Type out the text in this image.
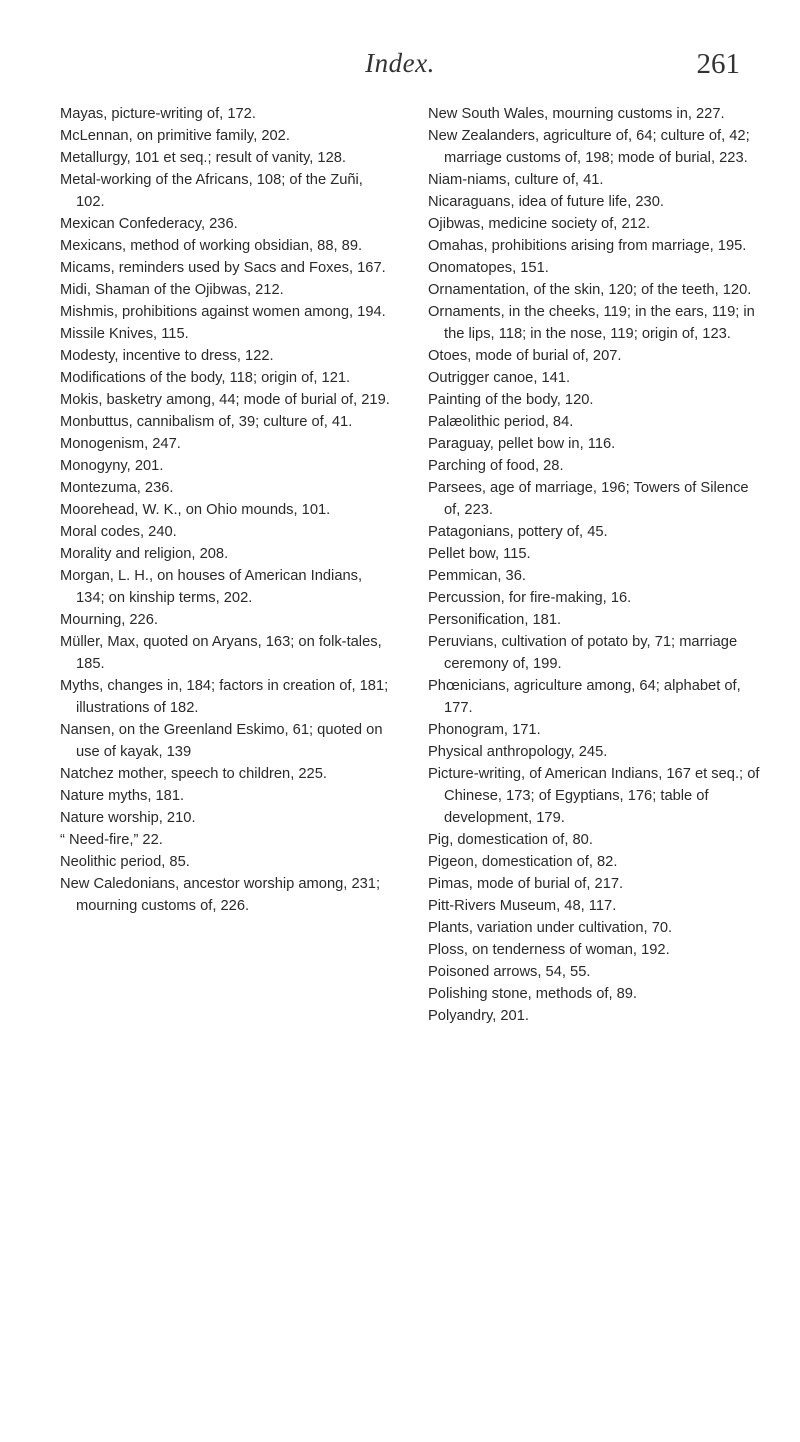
Index.	261

Mayas, picture-writing of, 172.

McLennan, on primitive family, 202.

Metallurgy, 101 et seq.; result of vanity, 128.

Metal-working of the Africans, 108; of the Zuñi, 102.

Mexican Confederacy, 236.

Mexicans, method of working obsidian, 88, 89.

Micams, reminders used by Sacs and Foxes, 167.

Midi, Shaman of the Ojibwas, 212.

Mishmis, prohibitions against women among, 194.

Missile Knives, 115.

Modesty, incentive to dress, 122.

Modifications of the body, 118; origin of, 121.

Mokis, basketry among, 44; mode of burial of, 219.

Monbuttus, cannibalism of, 39; culture of, 41.

Monogenism, 247.

Monogyny, 201.

Montezuma, 236.

Moorehead, W. K., on Ohio mounds, 101.

Moral codes, 240.

Morality and religion, 208.

Morgan, L. H., on houses of American Indians, 134; on kinship terms, 202.

Mourning, 226.

Müller, Max, quoted on Aryans, 163; on folk-tales, 185.

Myths, changes in, 184; factors in creation of, 181; illustrations of 182.

Nansen, on the Greenland Eskimo, 61; quoted on use of kayak, 139

Natchez mother, speech to children, 225.

Nature myths, 181.

Nature worship, 210.

“ Need-fire,” 22.

Neolithic period, 85.

New Caledonians, ancestor worship among, 231; mourning customs of, 226.

New South Wales, mourning customs in, 227.

New Zealanders, agriculture of, 64; culture of, 42; marriage customs of, 198; mode of burial, 223.

Niam-niams, culture of, 41.

Nicaraguans, idea of future life, 230.

Ojibwas, medicine society of, 212.

Omahas, prohibitions arising from marriage, 195.

Onomatopes, 151.

Ornamentation, of the skin, 120; of the teeth, 120.

Ornaments, in the cheeks, 119; in the ears, 119; in the lips, 118; in the nose, 119; origin of, 123.

Otoes, mode of burial of, 207.

Outrigger canoe, 141.

Painting of the body, 120.

Palæolithic period, 84.

Paraguay, pellet bow in, 116.

Parching of food, 28.

Parsees, age of marriage, 196; Towers of Silence of, 223.

Patagonians, pottery of, 45.

Pellet bow, 115.

Pemmican, 36.

Percussion, for fire-making, 16.

Personification, 181.

Peruvians, cultivation of potato by, 71; marriage ceremony of, 199.

Phœnicians, agriculture among, 64; alphabet of, 177.

Phonogram, 171.

Physical anthropology, 245.

Picture-writing, of American Indians, 167 et seq.; of Chinese, 173; of Egyptians, 176; table of development, 179.

Pig, domestication of, 80.

Pigeon, domestication of, 82.

Pimas, mode of burial of, 217.

Pitt-Rivers Museum, 48, 117.

Plants, variation under cultivation, 70.

Ploss, on tenderness of woman, 192.

Poisoned arrows, 54, 55.

Polishing stone, methods of, 89.

Polyandry, 201.
